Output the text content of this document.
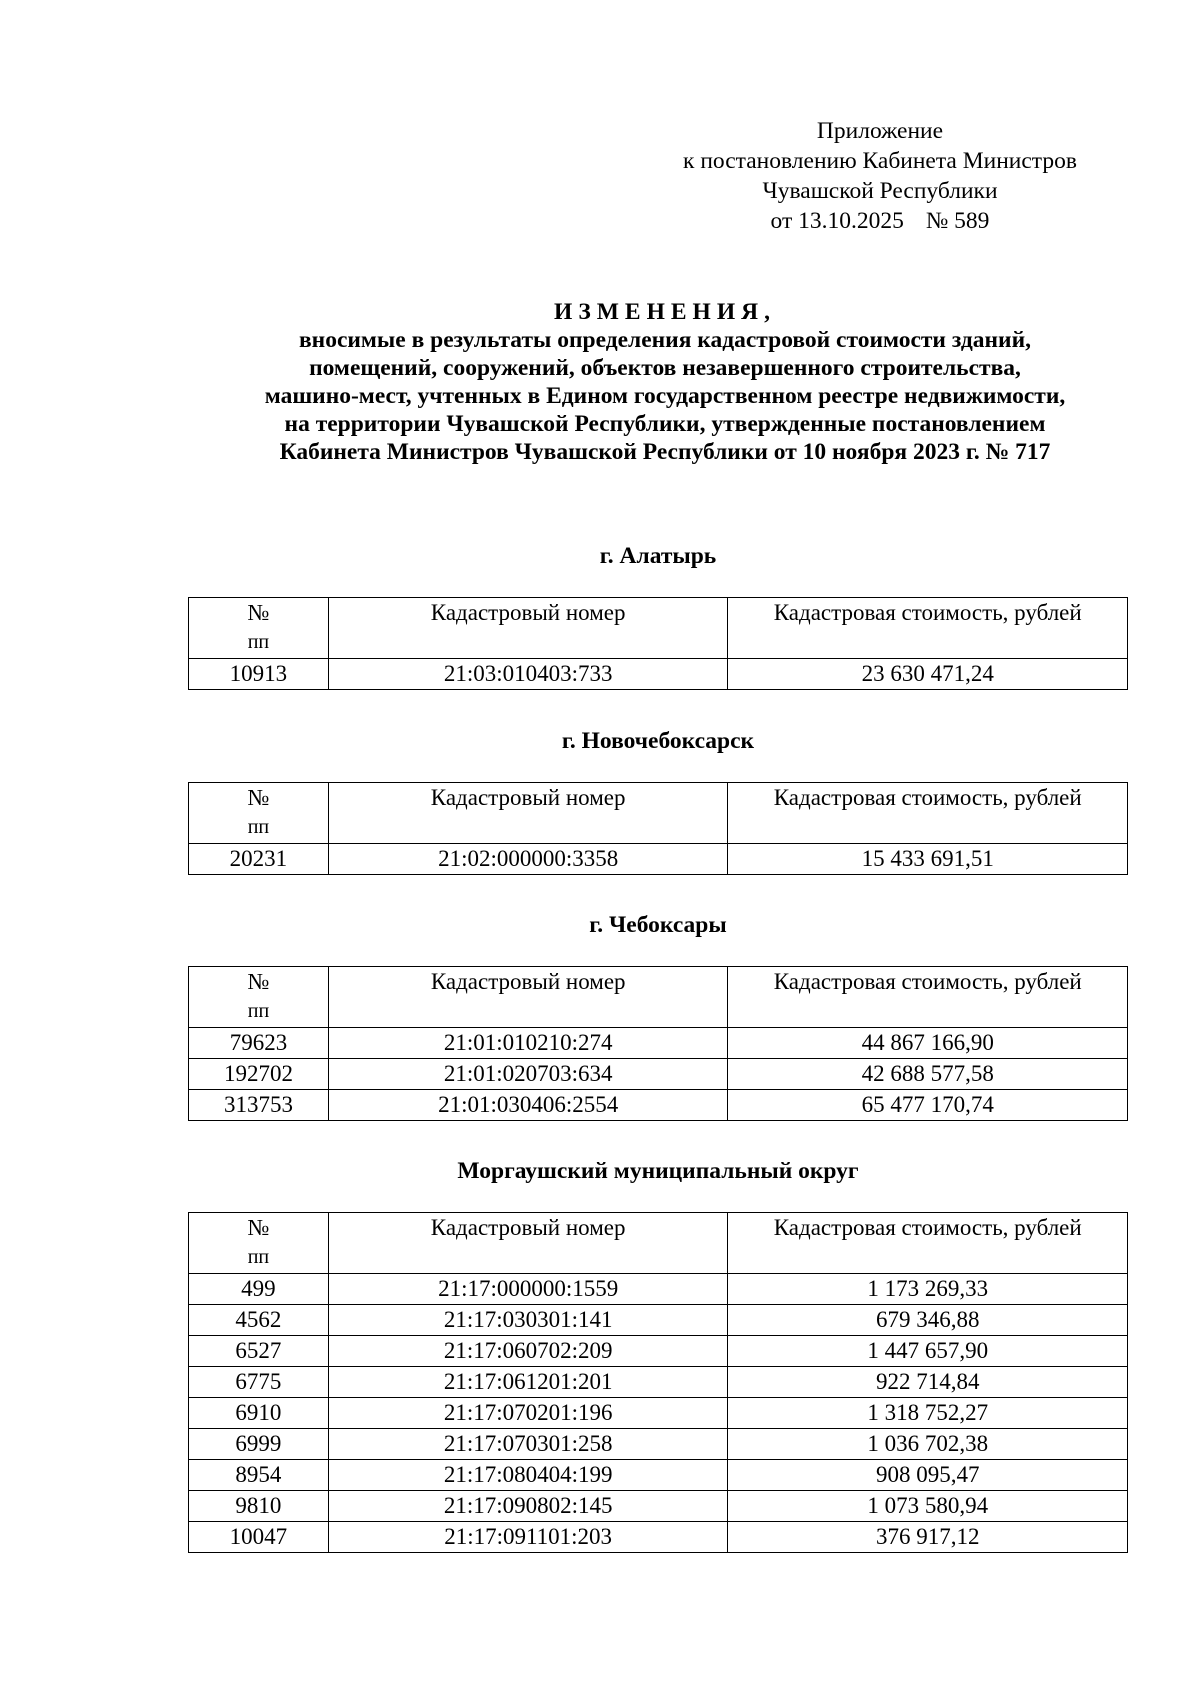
Приложение
к постановлению Кабинета Министров
Чувашской Республики
от 13.10.2025 № 589
ИЗМЕНЕНИЯ,
вносимые в результаты определения кадастровой стоимости зданий,
помещений, сооружений, объектов незавершенного строительства,
машино-мест, учтенных в Едином государственном реестре недвижимости,
на территории Чувашской Республики, утвержденные постановлением
Кабинета Министров Чувашской Республики от 10 ноября 2023 г. № 717
г. Алатырь
№
пп	Кадастровый номер	Кадастровая стоимость, рублей
10913	21:03:010403:733	23 630 471,24
г. Новочебоксарск
№
пп	Кадастровый номер	Кадастровая стоимость, рублей
20231	21:02:000000:3358	15 433 691,51
г. Чебоксары
№
пп	Кадастровый номер	Кадастровая стоимость, рублей
79623	21:01:010210:274	44 867 166,90
192702	21:01:020703:634	42 688 577,58
313753	21:01:030406:2554	65 477 170,74
Моргаушский муниципальный округ
№
пп	Кадастровый номер	Кадастровая стоимость, рублей
499	21:17:000000:1559	1 173 269,33
4562	21:17:030301:141	679 346,88
6527	21:17:060702:209	1 447 657,90
6775	21:17:061201:201	922 714,84
6910	21:17:070201:196	1 318 752,27
6999	21:17:070301:258	1 036 702,38
8954	21:17:080404:199	908 095,47
9810	21:17:090802:145	1 073 580,94
10047	21:17:091101:203	376 917,12
